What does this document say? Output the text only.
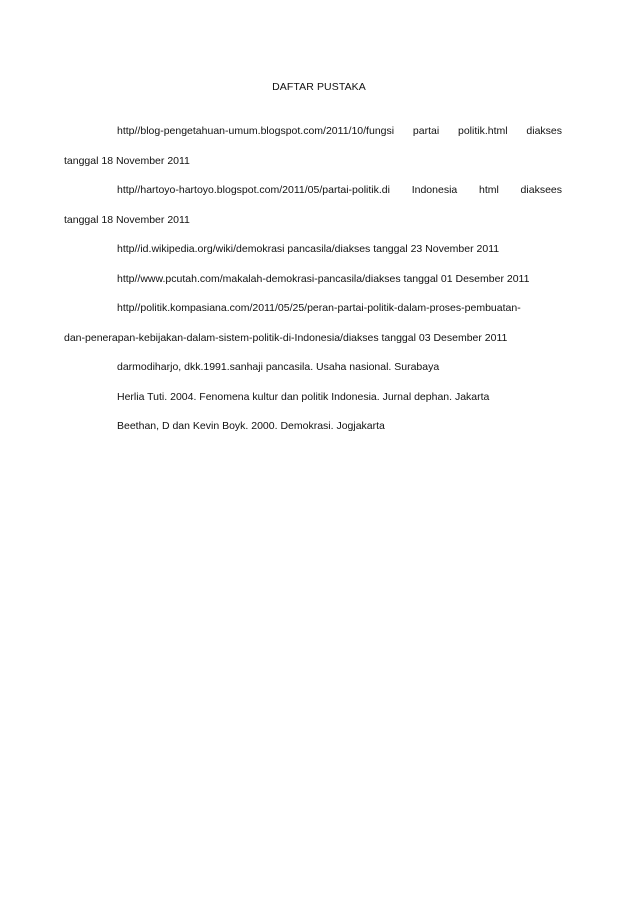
DAFTAR PUSTAKA
http//blog-pengetahuan-umum.blogspot.com/2011/10/fungsi partai politik.html diakses
tanggal 18 November 2011
http//hartoyo-hartoyo.blogspot.com/2011/05/partai-politik.di Indonesia html diaksees
tanggal 18 November 2011
http//id.wikipedia.org/wiki/demokrasi pancasila/diakses tanggal 23 November 2011
http//www.pcutah.com/makalah-demokrasi-pancasila/diakses tanggal 01 Desember 2011
http//politik.kompasiana.com/2011/05/25/peran-partai-politik-dalam-proses-pembuatan-
dan-penerapan-kebijakan-dalam-sistem-politik-di-Indonesia/diakses tanggal 03 Desember 2011
darmodiharjo, dkk.1991.sanhaji pancasila. Usaha nasional. Surabaya
Herlia Tuti. 2004. Fenomena kultur dan politik Indonesia. Jurnal dephan. Jakarta
Beethan, D dan Kevin Boyk. 2000. Demokrasi. Jogjakarta
